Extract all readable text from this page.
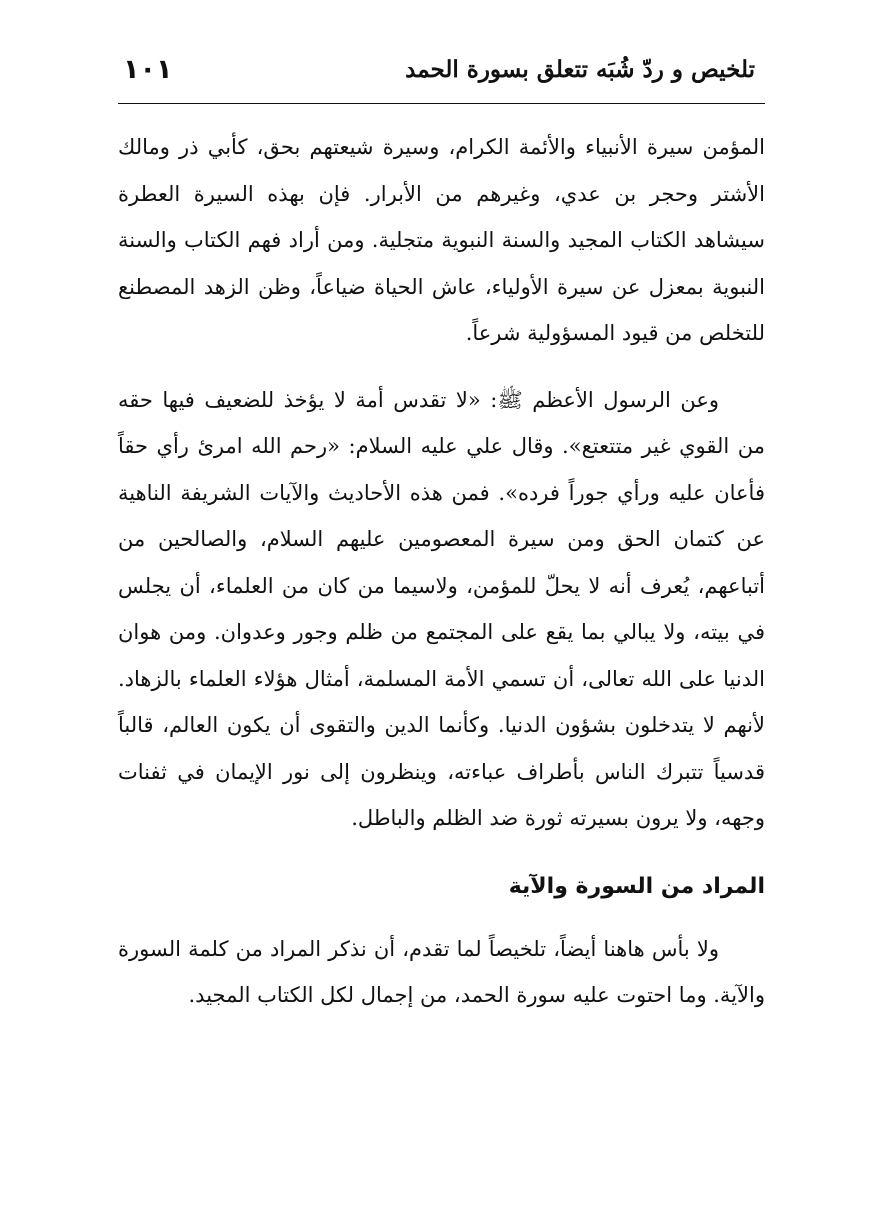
١٠١	تلخيص و ردّ شُبَه تتعلق بسورة الحمد

المؤمن سيرة الأنبياء والأئمة الكرام، وسيرة شيعتهم بحق، كأبي ذر ومالك الأشتر وحجر بن عدي، وغيرهم من الأبرار. فإن بهذه السيرة العطرة سيشاهد الكتاب المجيد والسنة النبوية متجلية. ومن أراد فهم الكتاب والسنة النبوية بمعزل عن سيرة الأولياء، عاش الحياة ضياعاً، وظن الزهد المصطنع للتخلص من قيود المسؤولية شرعاً.

وعن الرسول الأعظم ﷺ: «لا تقدس أمة لا يؤخذ للضعيف فيها حقه من القوي غير متتعتع». وقال علي عليه السلام: «رحم الله امرئ رأي حقاً فأعان عليه ورأي جوراً فرده». فمن هذه الأحاديث والآيات الشريفة الناهية عن كتمان الحق ومن سيرة المعصومين عليهم السلام، والصالحين من أتباعهم، يُعرف أنه لا يحلّ للمؤمن، ولاسيما من كان من العلماء، أن يجلس في بيته، ولا يبالي بما يقع على المجتمع من ظلم وجور وعدوان. ومن هوان الدنيا على الله تعالى، أن تسمي الأمة المسلمة، أمثال هؤلاء العلماء بالزهاد. لأنهم لا يتدخلون بشؤون الدنيا. وكأنما الدين والتقوى أن يكون العالم، قالباً قدسياً تتبرك الناس بأطراف عباءته، وينظرون إلى نور الإيمان في ثفنات وجهه، ولا يرون بسيرته ثورة ضد الظلم والباطل.

المراد من السورة والآية

ولا بأس هاهنا أيضاً، تلخيصاً لما تقدم، أن نذكر المراد من كلمة السورة والآية. وما احتوت عليه سورة الحمد، من إجمال لكل الكتاب المجيد.
